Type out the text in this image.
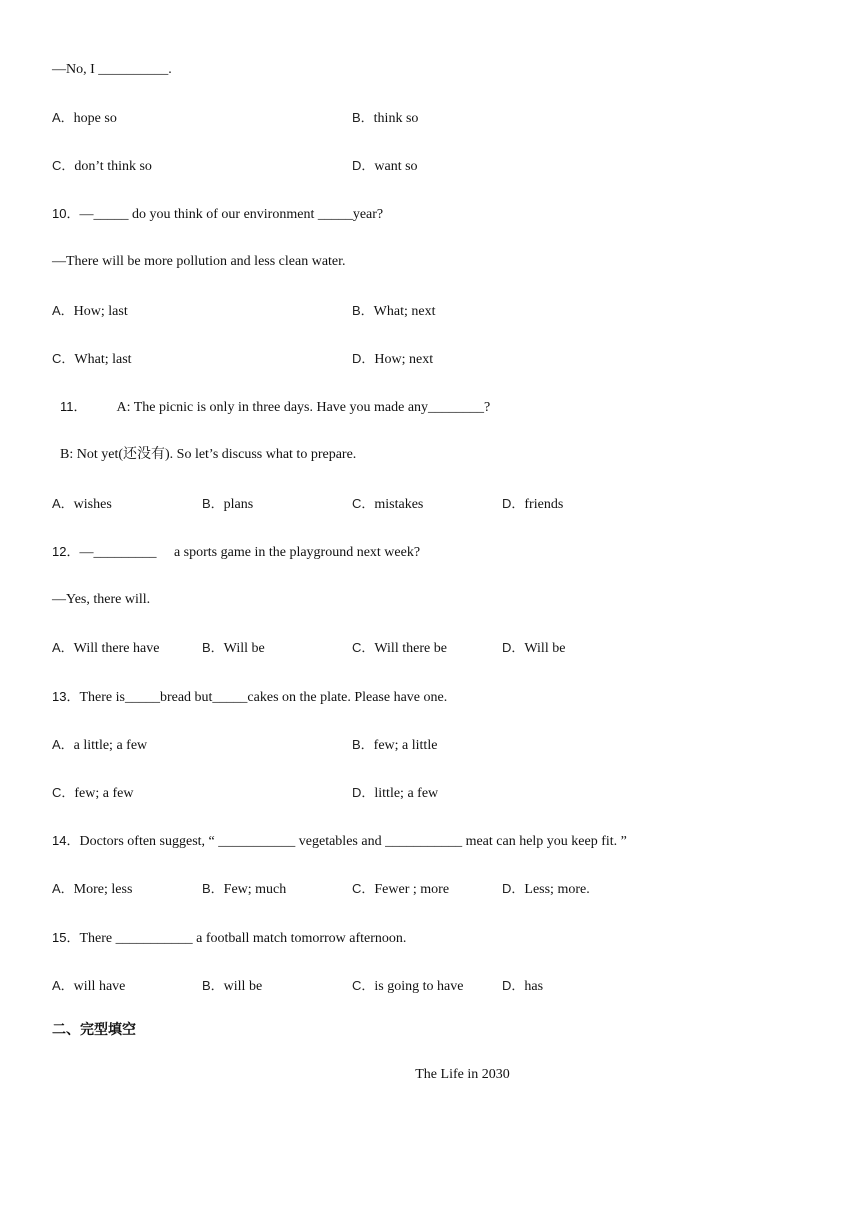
—No, I __________.
A．hope so	B．think so
C．don’t think so	D．want so
10．—_____ do you think of our environment _____year?
—There will be more pollution and less clean water.
A．How; last	B．What; next
C．What; last	D．How; next
11． A: The picnic is only in three days. Have you made any________?
B: Not yet(还没有). So let’s discuss what to prepare.
A．wishes	B．plans	C．mistakes	D．friends
12．—_________　 a sports game in the playground next week?
—Yes, there will.
A．Will there have	B．Will be	C．Will there be	D．Will be
13．There is_____bread but_____cakes on the plate. Please have one.
A．a little; a few	B．few; a little
C．few; a few	D．little; a few
14．Doctors often suggest, “ ___________ vegetables and ___________ meat can help you keep fit. ”
A．More; less	B．Few; much	C．Fewer ; more	D．Less; more.
15．There ___________ a football match tomorrow afternoon.
A．will have	B．will be	C．is going to have	D．has
二、完型填空
The Life in 2030
